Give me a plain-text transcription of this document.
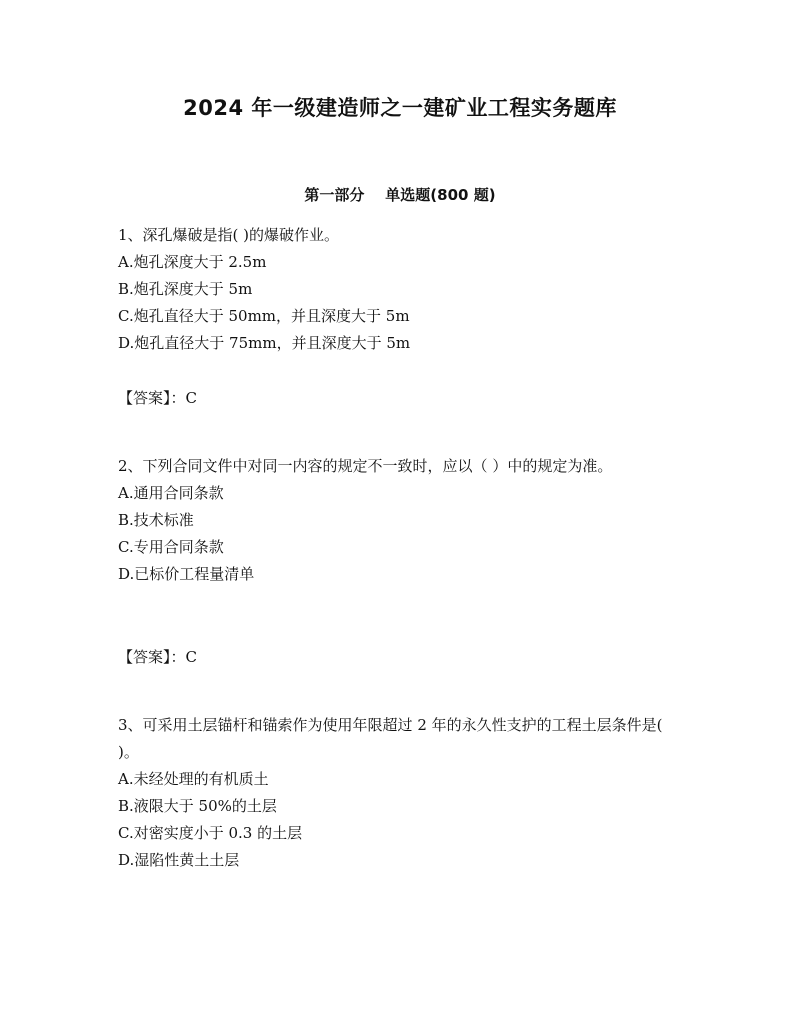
2024 年一级建造师之一建矿业工程实务题库
第一部分    单选题(800 题)

1、深孔爆破是指( )的爆破作业。

A.炮孔深度大于 2.5m

B.炮孔深度大于 5m

C.炮孔直径大于 50mm，并且深度大于 5m

D.炮孔直径大于 75mm，并且深度大于 5m

【答案】：C

2、下列合同文件中对同一内容的规定不一致时，应以（ ）中的规定为准。

A.通用合同条款

B.技术标准

C.专用合同条款

D.已标价工程量清单

【答案】：C

3、可采用土层锚杆和锚索作为使用年限超过 2 年的永久性支护的工程土层条件是( )。

A.未经处理的有机质土

B.液限大于 50%的土层

C.对密实度小于 0.3 的土层

D.湿陷性黄土土层
